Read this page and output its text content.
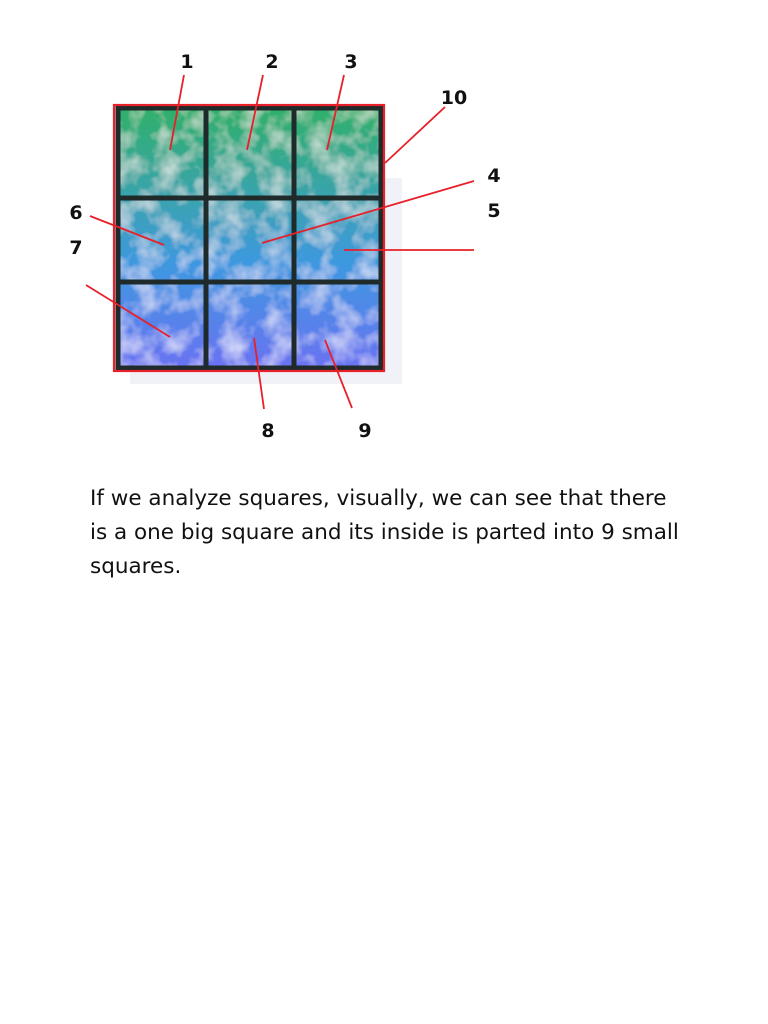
1	2	3
10
4
5
6
7
8	9

If we analyze squares, visually, we can see that there is a one big square and its inside is parted into 9 small squares.
